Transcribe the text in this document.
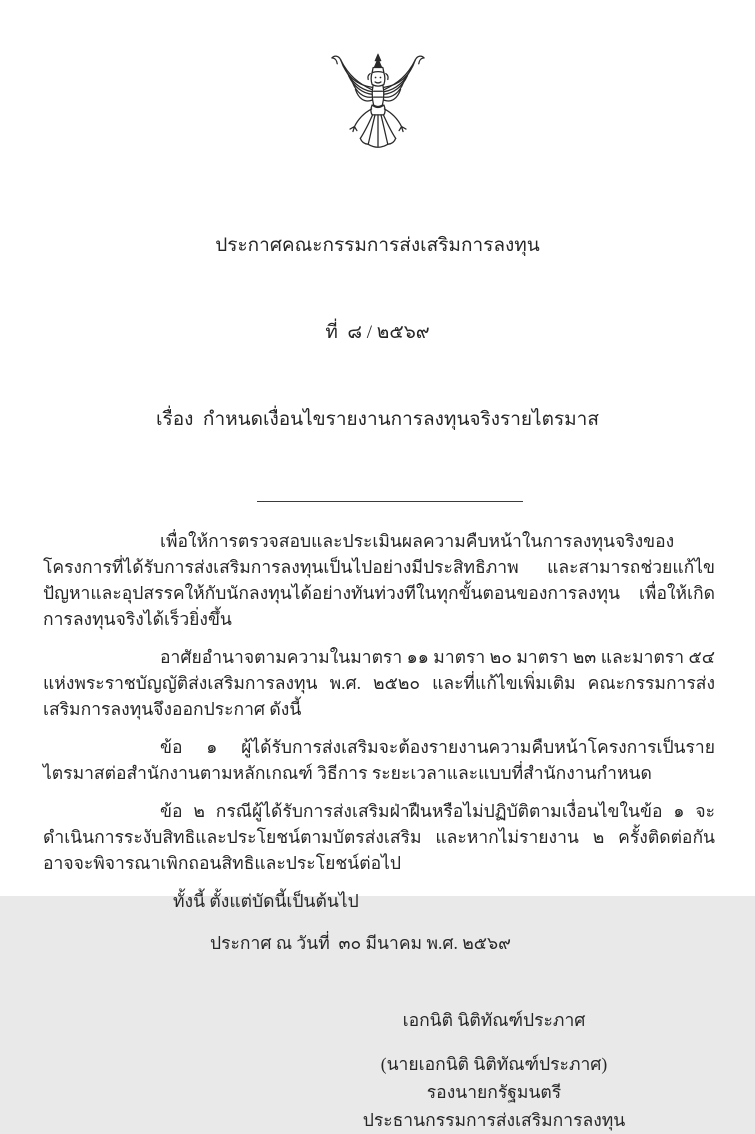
ประกาศคณะกรรมการส่งเสริมการลงทุน

ที่  ๘ / ๒๕๖๙

เรื่อง  กำหนดเงื่อนไขรายงานการลงทุนจริงรายไตรมาส

เพื่อให้การตรวจสอบและประเมินผลความคืบหน้าในการลงทุนจริงของโครงการที่ได้รับการส่งเสริมการลงทุนเป็นไปอย่างมีประสิทธิภาพ และสามารถช่วยแก้ไขปัญหาและอุปสรรคให้กับนักลงทุนได้อย่างทันท่วงทีในทุกขั้นตอนของการลงทุน เพื่อให้เกิดการลงทุนจริงได้เร็วยิ่งขึ้น

อาศัยอำนาจตามความในมาตรา ๑๑ มาตรา ๒๐ มาตรา ๒๓ และมาตรา ๕๔ แห่งพระราชบัญญัติส่งเสริมการลงทุน พ.ศ. ๒๕๒๐ และที่แก้ไขเพิ่มเติม คณะกรรมการส่งเสริมการลงทุนจึงออกประกาศ ดังนี้

ข้อ ๑ ผู้ได้รับการส่งเสริมจะต้องรายงานความคืบหน้าโครงการเป็นรายไตรมาสต่อสำนักงานตามหลักเกณฑ์ วิธีการ ระยะเวลาและแบบที่สำนักงานกำหนด

ข้อ ๒ กรณีผู้ได้รับการส่งเสริมฝ่าฝืนหรือไม่ปฏิบัติตามเงื่อนไขในข้อ ๑ จะดำเนินการระงับสิทธิและประโยชน์ตามบัตรส่งเสริม และหากไม่รายงาน ๒ ครั้งติดต่อกัน อาจจะพิจารณาเพิกถอนสิทธิและประโยชน์ต่อไป

ทั้งนี้ ตั้งแต่บัดนี้เป็นต้นไป

ประกาศ ณ วันที่  ๓๐ มีนาคม พ.ศ. ๒๕๖๙

เอกนิติ นิติทัณฑ์ประภาศ
(นายเอกนิติ นิติทัณฑ์ประภาศ)
รองนายกรัฐมนตรี
ประธานกรรมการส่งเสริมการลงทุน
